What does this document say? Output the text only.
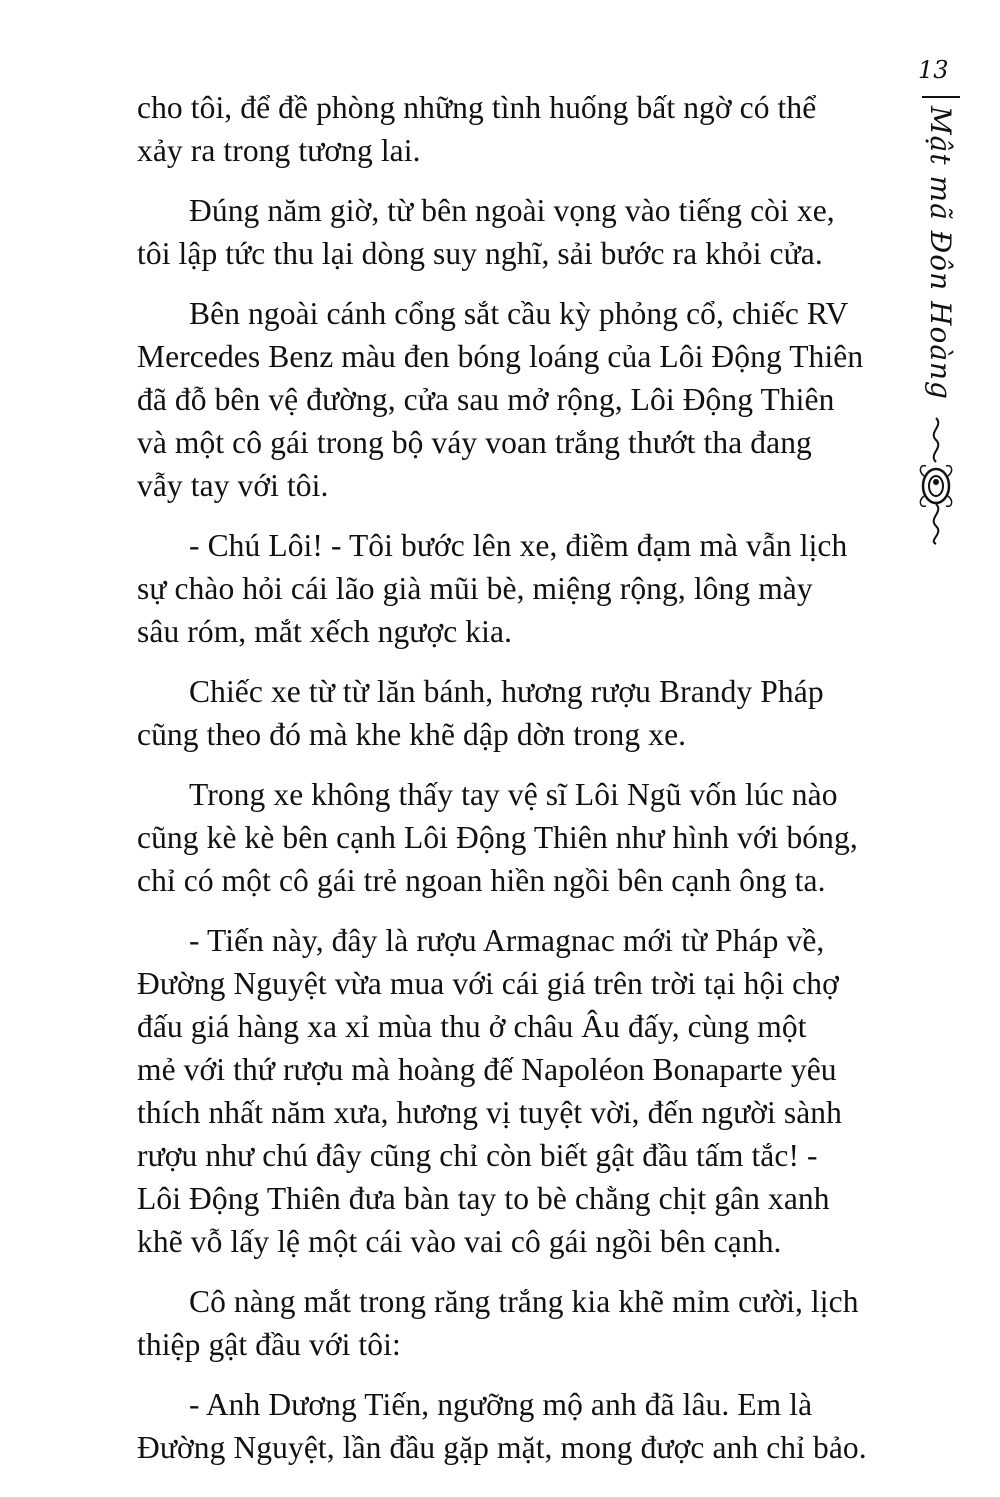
13
Mật mã Đôn Hoàng
cho tôi, để đề phòng những tình huống bất ngờ có thể
xảy ra trong tương lai.
Đúng năm giờ, từ bên ngoài vọng vào tiếng còi xe,
tôi lập tức thu lại dòng suy nghĩ, sải bước ra khỏi cửa.
Bên ngoài cánh cổng sắt cầu kỳ phỏng cổ, chiếc RV
Mercedes Benz màu đen bóng loáng của Lôi Động Thiên
đã đỗ bên vệ đường, cửa sau mở rộng, Lôi Động Thiên
và một cô gái trong bộ váy voan trắng thướt tha đang
vẫy tay với tôi.
- Chú Lôi! - Tôi bước lên xe, điềm đạm mà vẫn lịch
sự chào hỏi cái lão già mũi bè, miệng rộng, lông mày
sâu róm, mắt xếch ngược kia.
Chiếc xe từ từ lăn bánh, hương rượu Brandy Pháp
cũng theo đó mà khe khẽ dập dờn trong xe.
Trong xe không thấy tay vệ sĩ Lôi Ngũ vốn lúc nào
cũng kè kè bên cạnh Lôi Động Thiên như hình với bóng,
chỉ có một cô gái trẻ ngoan hiền ngồi bên cạnh ông ta.
- Tiến này, đây là rượu Armagnac mới từ Pháp về,
Đường Nguyệt vừa mua với cái giá trên trời tại hội chợ
đấu giá hàng xa xỉ mùa thu ở châu Âu đấy, cùng một
mẻ với thứ rượu mà hoàng đế Napoléon Bonaparte yêu
thích nhất năm xưa, hương vị tuyệt vời, đến người sành
rượu như chú đây cũng chỉ còn biết gật đầu tấm tắc! -
Lôi Động Thiên đưa bàn tay to bè chằng chịt gân xanh
khẽ vỗ lấy lệ một cái vào vai cô gái ngồi bên cạnh.
Cô nàng mắt trong răng trắng kia khẽ mỉm cười, lịch
thiệp gật đầu với tôi:
- Anh Dương Tiến, ngưỡng mộ anh đã lâu. Em là
Đường Nguyệt, lần đầu gặp mặt, mong được anh chỉ bảo.
